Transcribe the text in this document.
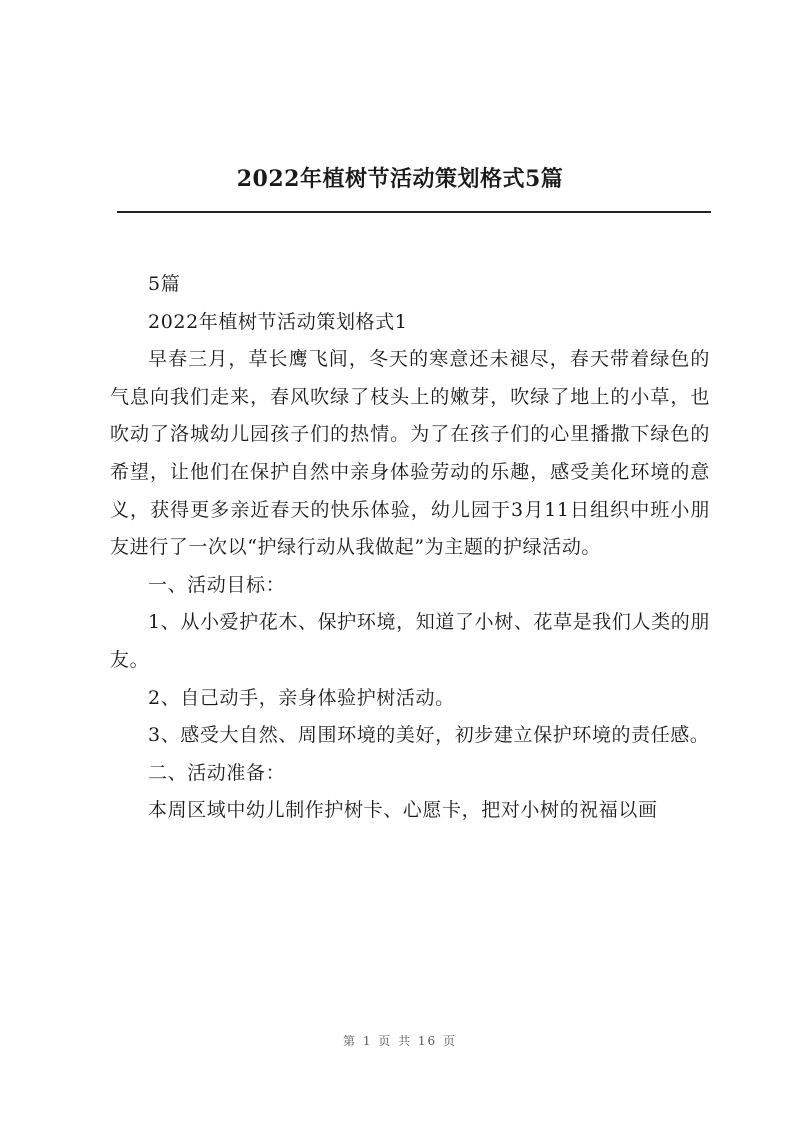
2022年植树节活动策划格式5篇

5篇

2022年植树节活动策划格式1

早春三月，草长鹰飞间，冬天的寒意还未褪尽，春天带着绿色的气息向我们走来，春风吹绿了枝头上的嫩芽，吹绿了地上的小草，也吹动了洛城幼儿园孩子们的热情。为了在孩子们的心里播撒下绿色的希望，让他们在保护自然中亲身体验劳动的乐趣，感受美化环境的意义，获得更多亲近春天的快乐体验，幼儿园于3月11日组织中班小朋友进行了一次以“护绿行动从我做起”为主题的护绿活动。

一、活动目标：

1、从小爱护花木、保护环境，知道了小树、花草是我们人类的朋友。

2、自己动手，亲身体验护树活动。

3、感受大自然、周围环境的美好，初步建立保护环境的责任感。

二、活动准备：

本周区域中幼儿制作护树卡、心愿卡，把对小树的祝福以画

第 1 页 共 16 页
